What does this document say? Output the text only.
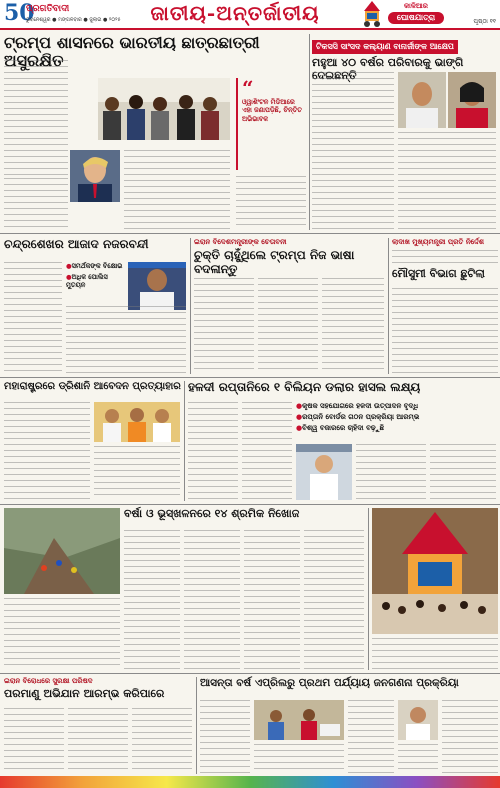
50
ପ୍ରଗତିବାଦୀ
ଭୁବନେଶ୍ୱର ● ମଙ୍ଗଳବାର ● ଜୁଲାଇ ● ୨୦୨୫	ଜାତୀୟ-ଅନ୍ତର୍ଜାତୀୟ	କାଳିଆର
ଘୋଷଯାତ୍ରା	ପୃଷ୍ଠା ୧୧
ଟ୍ରମ୍ପ ଶାସନରେ ଭାରତୀୟ ଛାତ୍ରଛାତ୍ରୀ ଅସୁରକ୍ଷିତ
“
ଓ୍ୱାଶିଂଟନ ମିଡିଆରେ ଏହା ଜଣାପଡ଼ିଛି, ଚିନ୍ତିତ ଅଭିଭାବକ
ଟିକସସି ସାଂସଦ କଲ୍ୟାଣ ବାନାର୍ଜୀଙ୍କ ଆକ୍ଷେପ
ମହୁଆ ୪୦ ବର୍ଷର ପରିବାରକୁ ଭାଙ୍ଗି ଦେଇଛନ୍ତି
ଚନ୍ଦ୍ରଶେଖର ଆଜାଦ ନଜରବନ୍ଦୀ
● ସମର୍ଥକଙ୍କ ବିକ୍ଷୋଭ
● ଅଧିକ ପୋଲିସ ମୁତୟନ
ଇରାନ ବିଦେଶମନ୍ତ୍ରୀଙ୍କ ଚେତାବନୀ
ଚୁକ୍ତି ଚାହୁଁଥିଲେ ଟ୍ରମ୍ପ ନିଜ ଭାଷା ବଦଳାନ୍ତୁ
ଲାଦାଖ ମୁଖ୍ୟମନ୍ତ୍ରୀ ପ୍ରତି ନିର୍ଦ୍ଦେଶ
ମୌସୁମୀ ବିଭାଗ ଛୁଟିଲା
ମହାରାଷ୍ଟ୍ରରେ ଡ୍ରିଶାନି ଆବେଦନ ପ୍ରତ୍ୟାହାର ହଳଦୀ ରପ୍ତାନିରେ ୧ ବିଲିୟନ ଡଲାର ହାସଲ ଲକ୍ଷ୍ୟ
● କୃଷକ ସହଯୋଗରେ ହଳଦୀ ଉତ୍ପାଦନ ବୃଦ୍ଧି
● ରପ୍ତାନି ବୋର୍ଡର ଗଠନ ପ୍ରକ୍ରିୟା ଆରମ୍ଭ
● ବିଶ୍ୱ ବଜାରରେ ଚାହିଦା ବଢ଼ୁଛି
ବର୍ଷା ଓ ଭୂସ୍ଖଳନରେ ୧୪ ଶ୍ରମିକ ନିଖୋଜ
ଇରାନ ବିରୋଧରେ ସୁରକ୍ଷା ପରିଷଦ
ପରମାଣୁ ଅଭିଯାନ ଆରମ୍ଭ କରିପାରେ
ଆସନ୍ତା ବର୍ଷ ଏପ୍ରିଲରୁ ପ୍ରଥମ ପର୍ଯ୍ୟାୟ ଜନଗଣନା ପ୍ରକ୍ରିୟା
